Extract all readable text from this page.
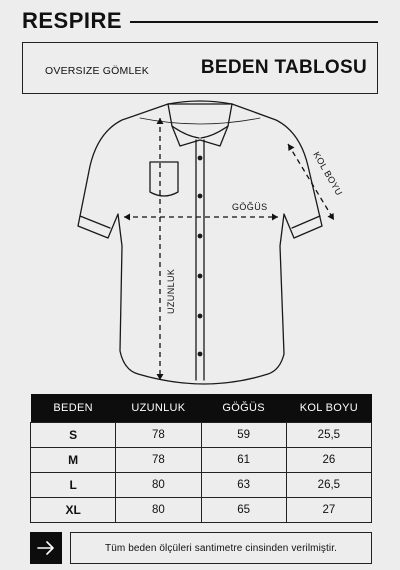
RESPIRE
OVERSIZE GÖMLEK	BEDEN TABLOSU
GÖĞÜS
KOL BOYU
UZUNLUK
BEDEN	UZUNLUK	GÖĞÜS	KOL BOYU
S	78	59	25,5
M	78	61	26
L	80	63	26,5
XL	80	65	27
Tüm beden ölçüleri santimetre cinsinden verilmiştir.
